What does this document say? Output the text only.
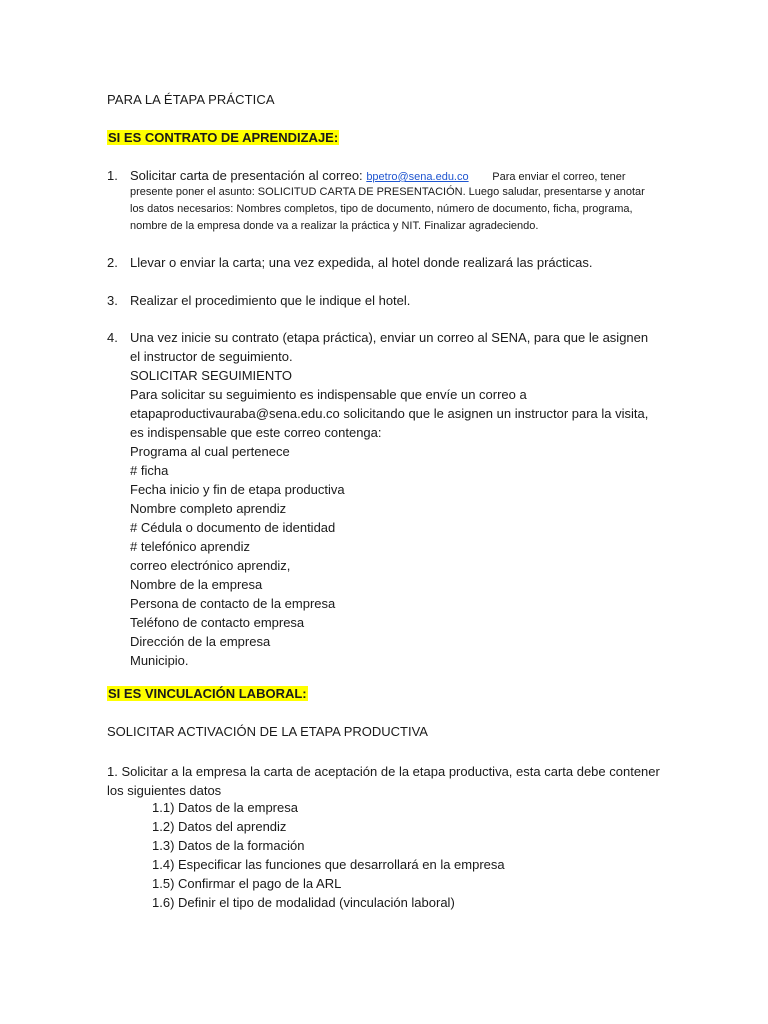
PARA LA ÉTAPA PRÁCTICA
SI ES CONTRATO DE APRENDIZAJE:
1. Solicitar carta de presentación al correo: bpetro@sena.edu.co Para enviar el correo, tener
presente poner el asunto: SOLICITUD CARTA DE PRESENTACIÓN. Luego saludar, presentarse y anotar los datos necesarios: Nombres completos, tipo de documento, número de documento, ficha, programa, nombre de la empresa donde va a realizar la práctica y NIT. Finalizar agradeciendo.
2. Llevar o enviar la carta; una vez expedida, al hotel donde realizará las prácticas.
3. Realizar el procedimiento que le indique el hotel.
4. Una vez inicie su contrato (etapa práctica), enviar un correo al SENA, para que le asignen el instructor de seguimiento.
SOLICITAR SEGUIMIENTO
Para solicitar su seguimiento es indispensable que envíe un correo a etapaproductivauraba@sena.edu.co solicitando que le asignen un instructor para la visita, es indispensable que este correo contenga:
Programa al cual pertenece
# ficha
Fecha inicio y fin de etapa productiva
Nombre completo aprendiz
# Cédula o documento de identidad
# telefónico aprendiz
correo electrónico aprendiz,
Nombre de la empresa
Persona de contacto de la empresa
Teléfono de contacto empresa
Dirección de la empresa
Municipio.
SI ES VINCULACIÓN LABORAL:
SOLICITAR ACTIVACIÓN DE LA ETAPA PRODUCTIVA
1. Solicitar a la empresa la carta de aceptación de la etapa productiva, esta carta debe contener los siguientes datos
1.1) Datos de la empresa
1.2) Datos del aprendiz
1.3) Datos de la formación
1.4) Especificar las funciones que desarrollará en la empresa
1.5) Confirmar el pago de la ARL
1.6) Definir el tipo de modalidad (vinculación laboral)
